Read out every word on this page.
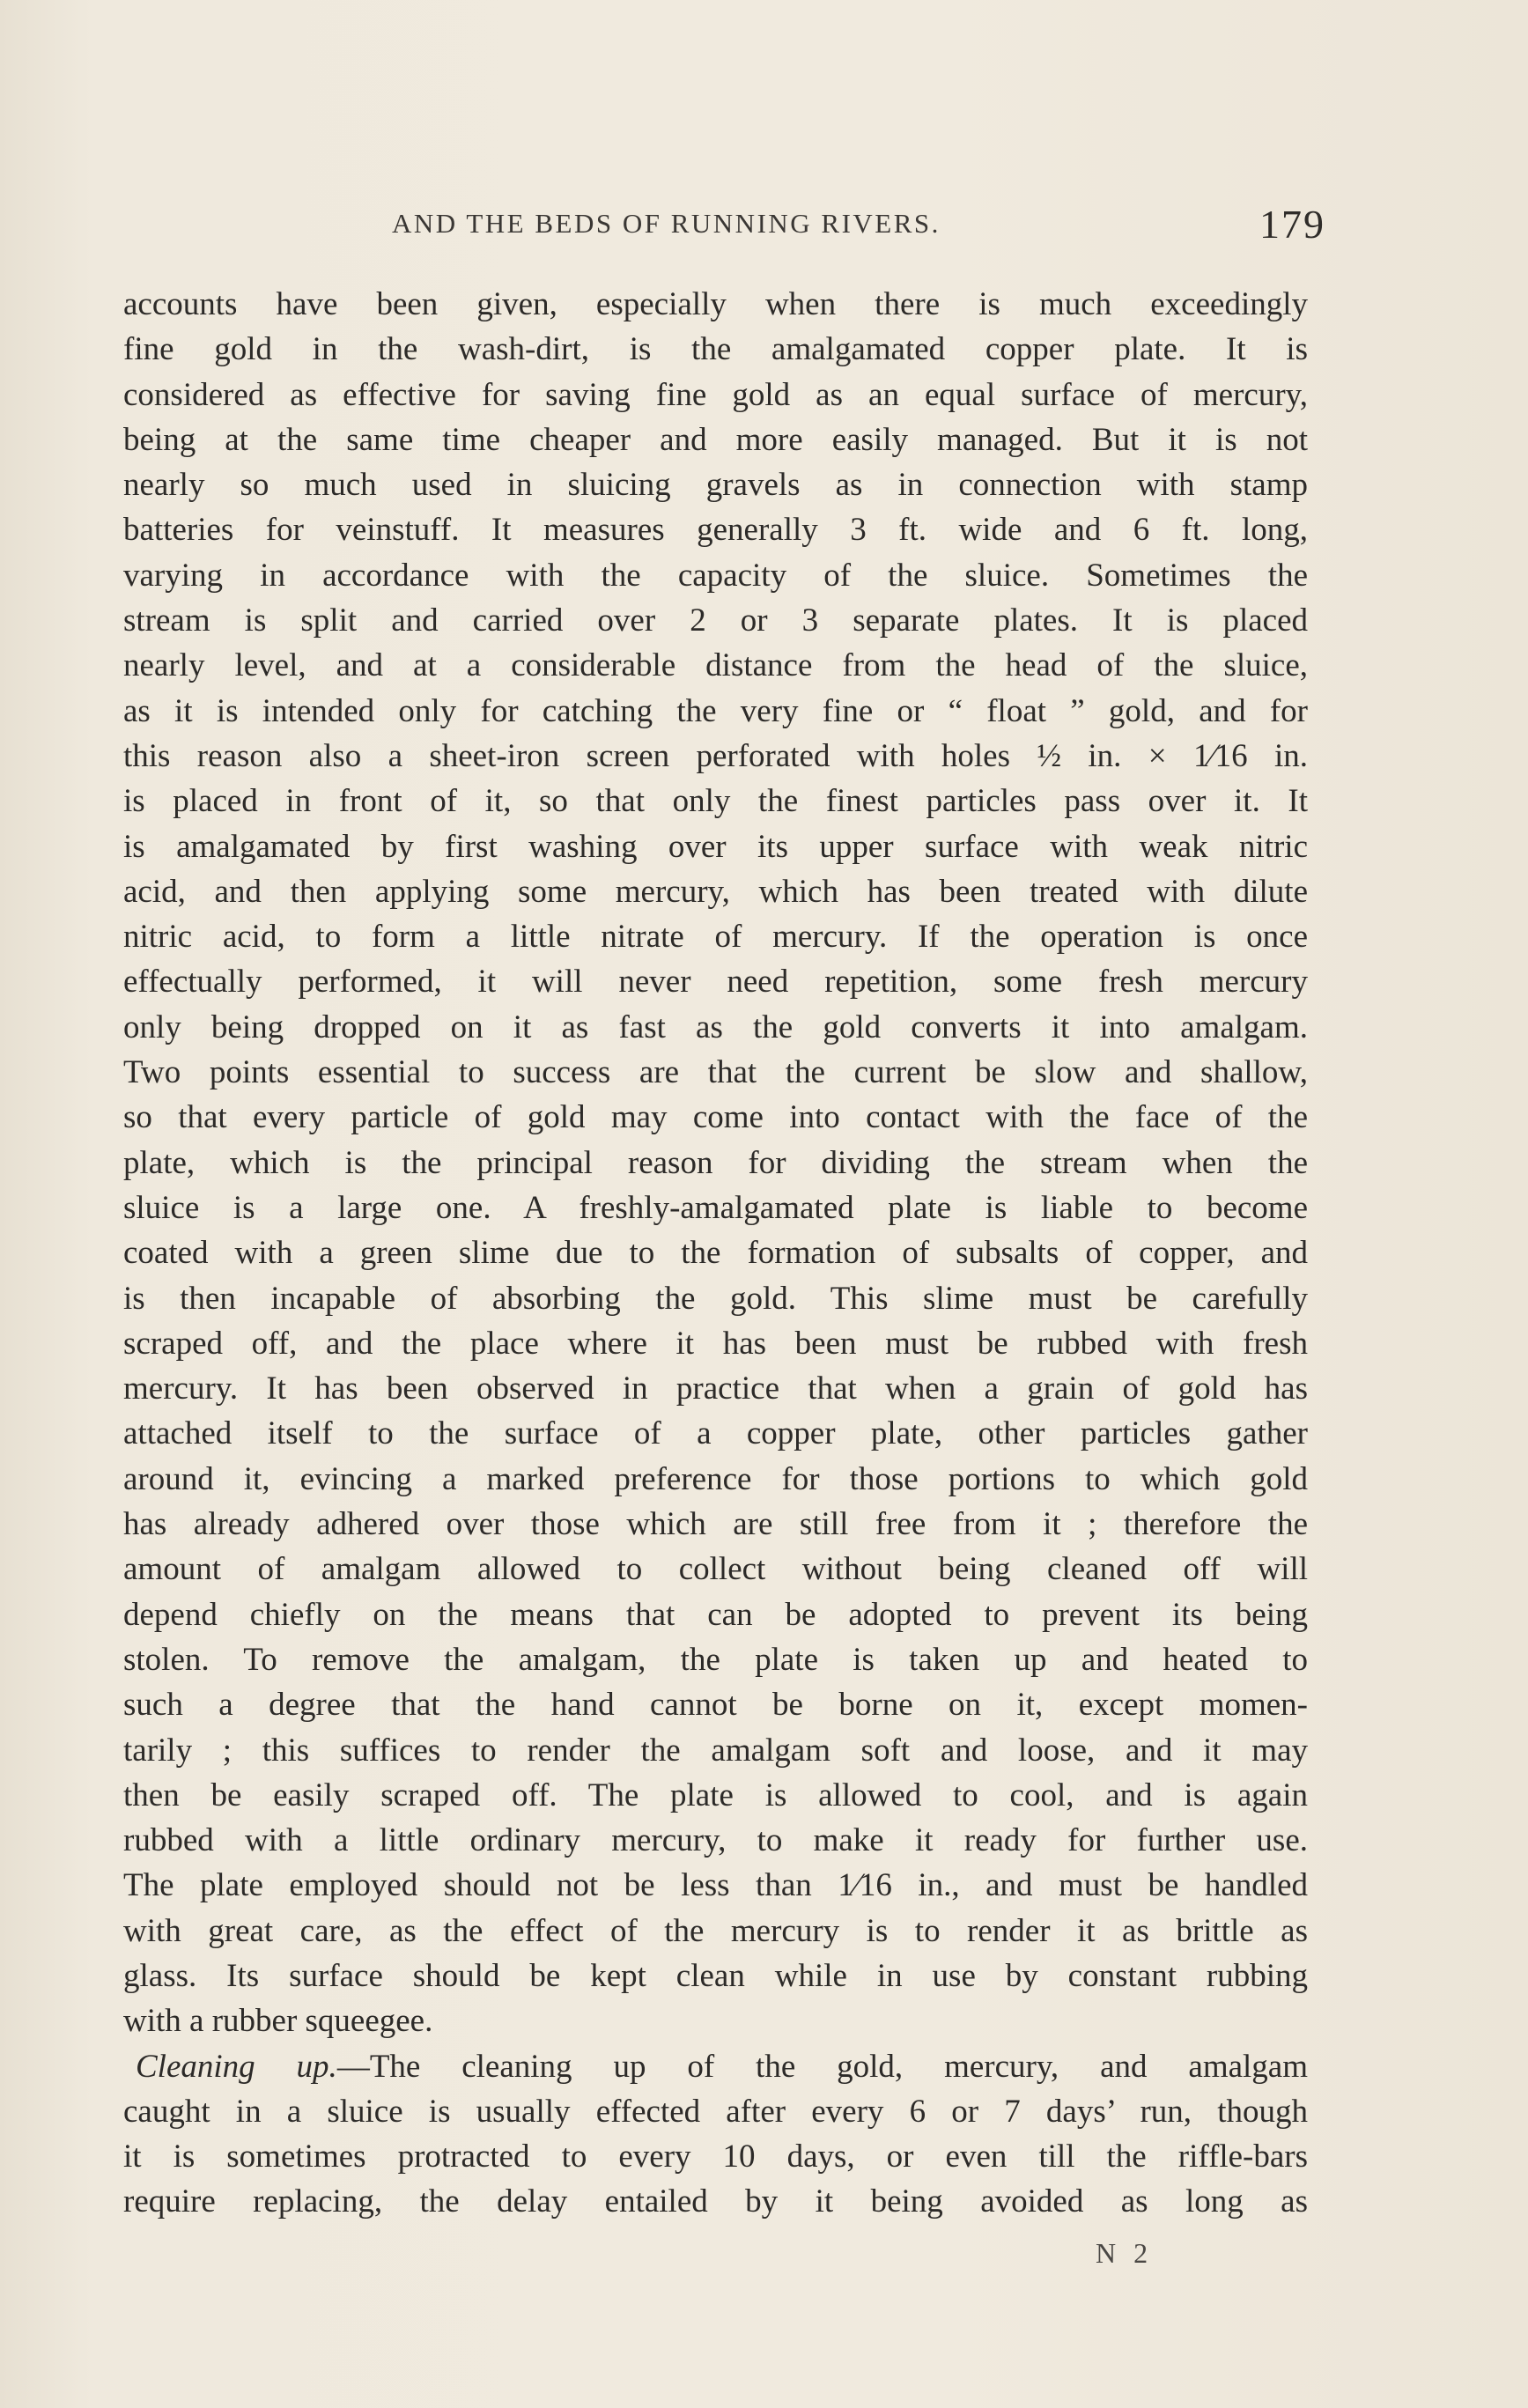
AND THE BEDS OF RUNNING RIVERS.	179
accounts have been given, especially when there is much exceedingly
fine gold in the wash-dirt, is the amalgamated copper plate. It is
considered as effective for saving fine gold as an equal surface of mercury,
being at the same time cheaper and more easily managed. But it is not
nearly so much used in sluicing gravels as in connection with stamp
batteries for veinstuff. It measures generally 3 ft. wide and 6 ft. long,
varying in accordance with the capacity of the sluice. Sometimes the
stream is split and carried over 2 or 3 separate plates. It is placed
nearly level, and at a considerable distance from the head of the sluice,
as it is intended only for catching the very fine or “ float ” gold, and for
this reason also a sheet-iron screen perforated with holes ½ in. × 1⁄16 in.
is placed in front of it, so that only the finest particles pass over it. It
is amalgamated by first washing over its upper surface with weak nitric
acid, and then applying some mercury, which has been treated with dilute
nitric acid, to form a little nitrate of mercury. If the operation is once
effectually performed, it will never need repetition, some fresh mercury
only being dropped on it as fast as the gold converts it into amalgam.
Two points essential to success are that the current be slow and shallow,
so that every particle of gold may come into contact with the face of the
plate, which is the principal reason for dividing the stream when the
sluice is a large one. A freshly-amalgamated plate is liable to become
coated with a green slime due to the formation of subsalts of copper, and
is then incapable of absorbing the gold. This slime must be carefully
scraped off, and the place where it has been must be rubbed with fresh
mercury. It has been observed in practice that when a grain of gold has
attached itself to the surface of a copper plate, other particles gather
around it, evincing a marked preference for those portions to which gold
has already adhered over those which are still free from it ; therefore the
amount of amalgam allowed to collect without being cleaned off will
depend chiefly on the means that can be adopted to prevent its being
stolen. To remove the amalgam, the plate is taken up and heated to
such a degree that the hand cannot be borne on it, except momen-
tarily ; this suffices to render the amalgam soft and loose, and it may
then be easily scraped off. The plate is allowed to cool, and is again
rubbed with a little ordinary mercury, to make it ready for further use.
The plate employed should not be less than 1⁄16 in., and must be handled
with great care, as the effect of the mercury is to render it as brittle as
glass. Its surface should be kept clean while in use by constant rubbing
with a rubber squeegee.
Cleaning up.—The cleaning up of the gold, mercury, and amalgam
caught in a sluice is usually effected after every 6 or 7 days’ run, though
it is sometimes protracted to every 10 days, or even till the riffle-bars
require replacing, the delay entailed by it being avoided as long as
N 2
